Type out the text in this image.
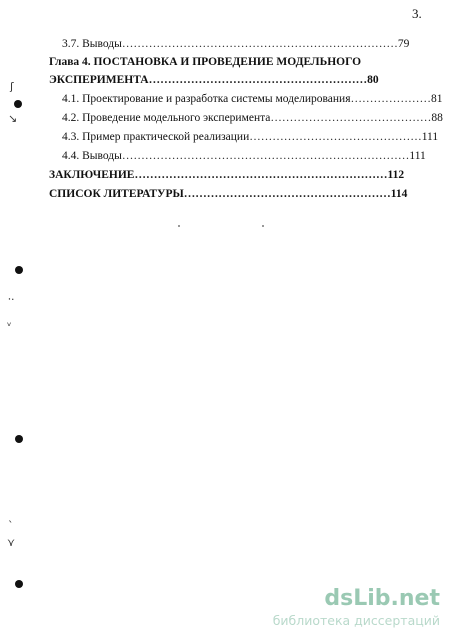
3.
3.7. Выводы………………………………………………………………79
Глава 4. ПОСТАНОВКА И ПРОВЕДЕНИЕ МОДЕЛЬНОГО
ЭКСПЕРИМЕНТА…………………………………………………80
4.1. Проектирование и разработка системы моделирования…………………81
4.2. Проведение модельного эксперимента……………………………………88
4.3. Пример практической реализации………………………………………111
4.4. Выводы…………………………………………………………………111
ЗАКЛЮЧЕНИЕ…………………………………………………………112
СПИСОК ЛИТЕРАТУРЫ………………………………………………114
ʃ
↘
⸱·
ᵥ
ˎ
⋎
dsLib.net
библиотека диссертаций
